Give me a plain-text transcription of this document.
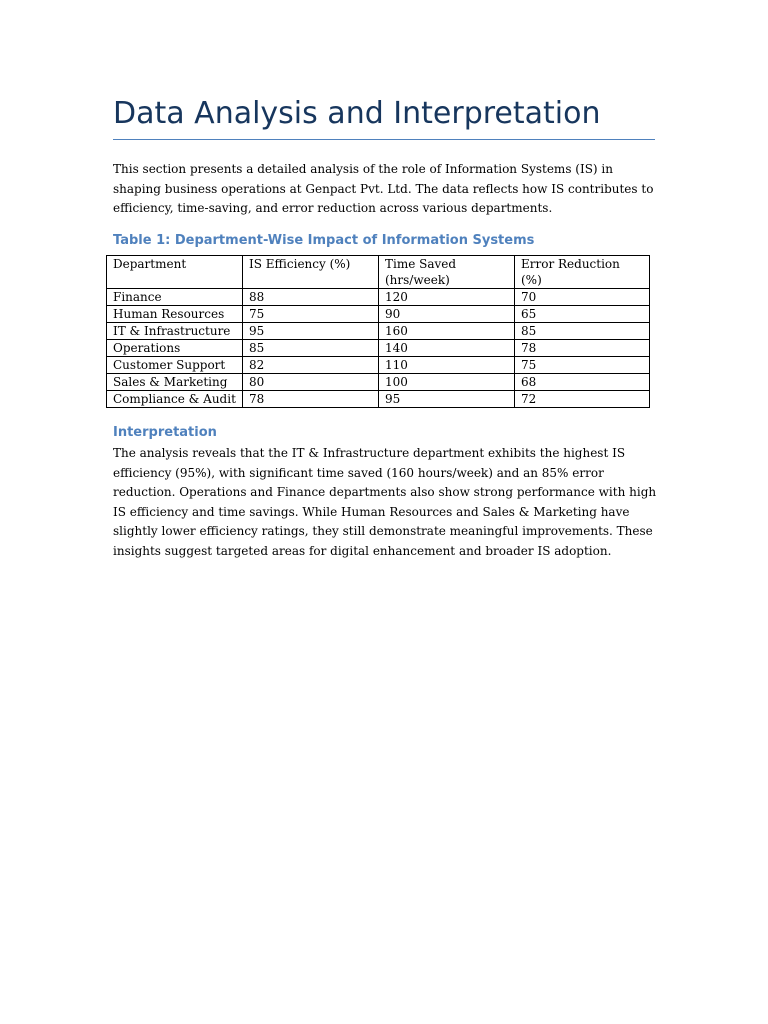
Data Analysis and Interpretation

This section presents a detailed analysis of the role of Information Systems (IS) in shaping business operations at Genpact Pvt. Ltd. The data reflects how IS contributes to efficiency, time-saving, and error reduction across various departments.

Table 1: Department-Wise Impact of Information Systems
Department	IS Efficiency (%)	Time Saved (hrs/week)	Error Reduction (%)
Finance	88	120	70
Human Resources	75	90	65
IT & Infrastructure	95	160	85
Operations	85	140	78
Customer Support	82	110	75
Sales & Marketing	80	100	68
Compliance & Audit	78	95	72
Interpretation

The analysis reveals that the IT & Infrastructure department exhibits the highest IS efficiency (95%), with significant time saved (160 hours/week) and an 85% error reduction. Operations and Finance departments also show strong performance with high IS efficiency and time savings. While Human Resources and Sales & Marketing have slightly lower efficiency ratings, they still demonstrate meaningful improvements. These insights suggest targeted areas for digital enhancement and broader IS adoption.
